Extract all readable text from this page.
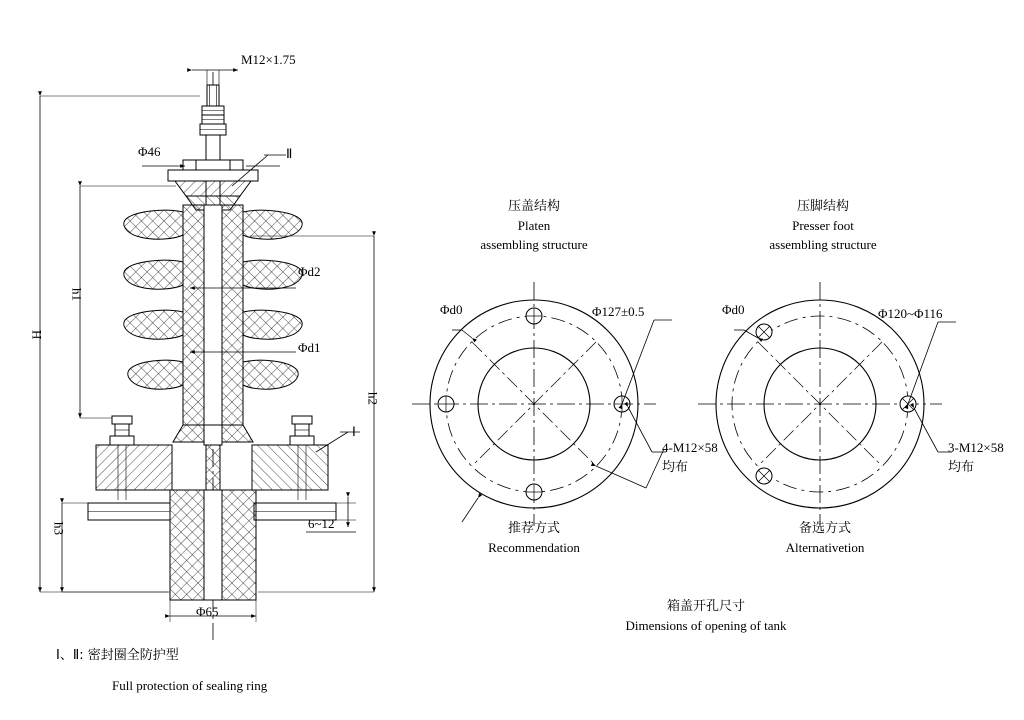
M12×1.75
Φ46	Ⅱ
Φd2
Φd1
Ⅰ
H
h1
h2
h3	6~12
Φ65
Ⅰ、Ⅱ: 密封圈全防护型
Full protection of sealing ring
压盖结构
Platen
assembling structure
Φd0	Φ127±0.5
4-M12×58
均布
推荐方式
Recommendation
压脚结构
Presser foot
assembling structure
Φd0	Φ120~Φ116
3-M12×58
均布
备选方式
Alternativetion
箱盖开孔尺寸
Dimensions of opening of tank
